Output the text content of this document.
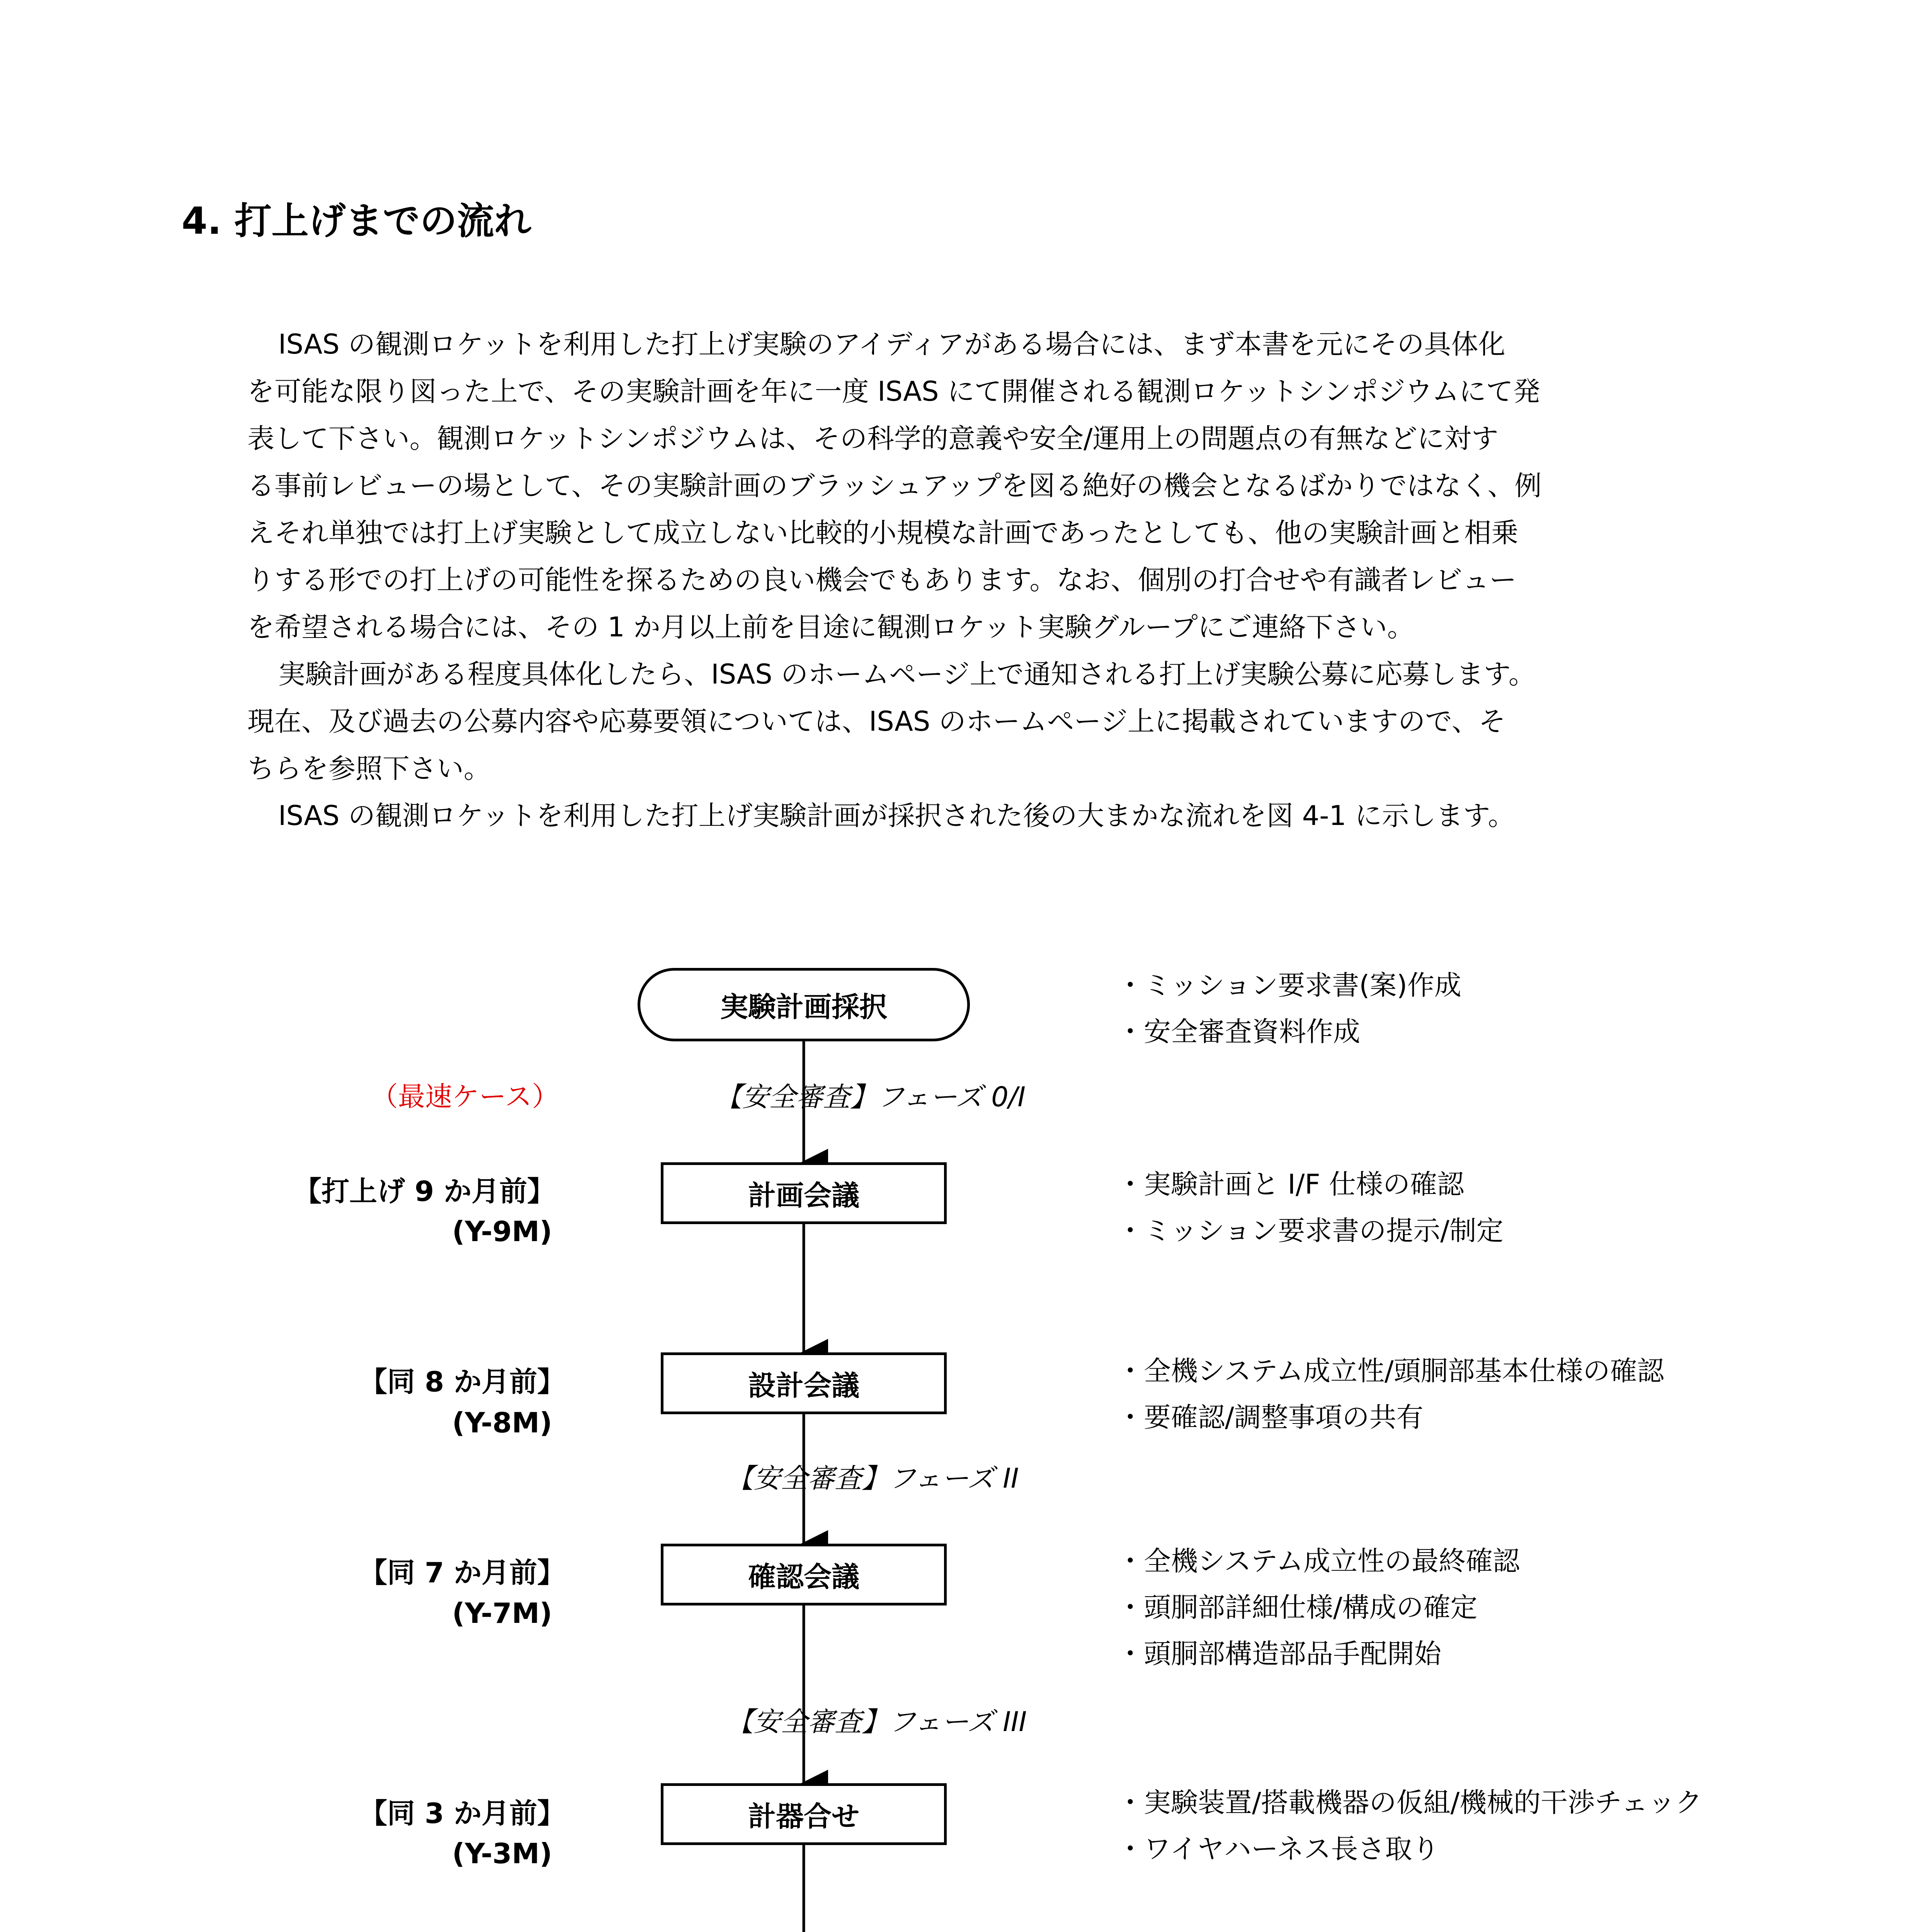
4. 打上げまでの流れ
ISAS の観測ロケットを利用した打上げ実験のアイディアがある場合には、まず本書を元にその具体化
を可能な限り図った上で、その実験計画を年に一度 ISAS にて開催される観測ロケットシンポジウムにて発
表して下さい。観測ロケットシンポジウムは、その科学的意義や安全/運用上の問題点の有無などに対す
る事前レビューの場として、その実験計画のブラッシュアップを図る絶好の機会となるばかりではなく、例
えそれ単独では打上げ実験として成立しない比較的小規模な計画であったとしても、他の実験計画と相乗
りする形での打上げの可能性を探るための良い機会でもあります。なお、個別の打合せや有識者レビュー
を希望される場合には、その 1 か月以上前を目途に観測ロケット実験グループにご連絡下さい。
実験計画がある程度具体化したら、ISAS のホームページ上で通知される打上げ実験公募に応募します。
現在、及び過去の公募内容や応募要領については、ISAS のホームページ上に掲載されていますので、そ
ちらを参照下さい。
ISAS の観測ロケットを利用した打上げ実験計画が採択された後の大まかな流れを図 4-1 に示します。
実験計画採択
計画会議
設計会議
確認会議
計器合せ
（最速ケース）	【安全審査】フェーズ 0/I
【安全審査】フェーズ II
【安全審査】フェーズ III
【打上げ 9 か月前】
(Y-9M)
【同 8 か月前】
(Y-8M)
【同 7 か月前】
(Y-7M)
【同 3 か月前】
(Y-3M)
・ミッション要求書(案)作成
・安全審査資料作成
・実験計画と I/F 仕様の確認
・ミッション要求書の提示/制定
・全機システム成立性/頭胴部基本仕様の確認
・要確認/調整事項の共有
・全機システム成立性の最終確認
・頭胴部詳細仕様/構成の確定
・頭胴部構造部品手配開始
・実験装置/搭載機器の仮組/機械的干渉チェック
・ワイヤハーネス長さ取り
